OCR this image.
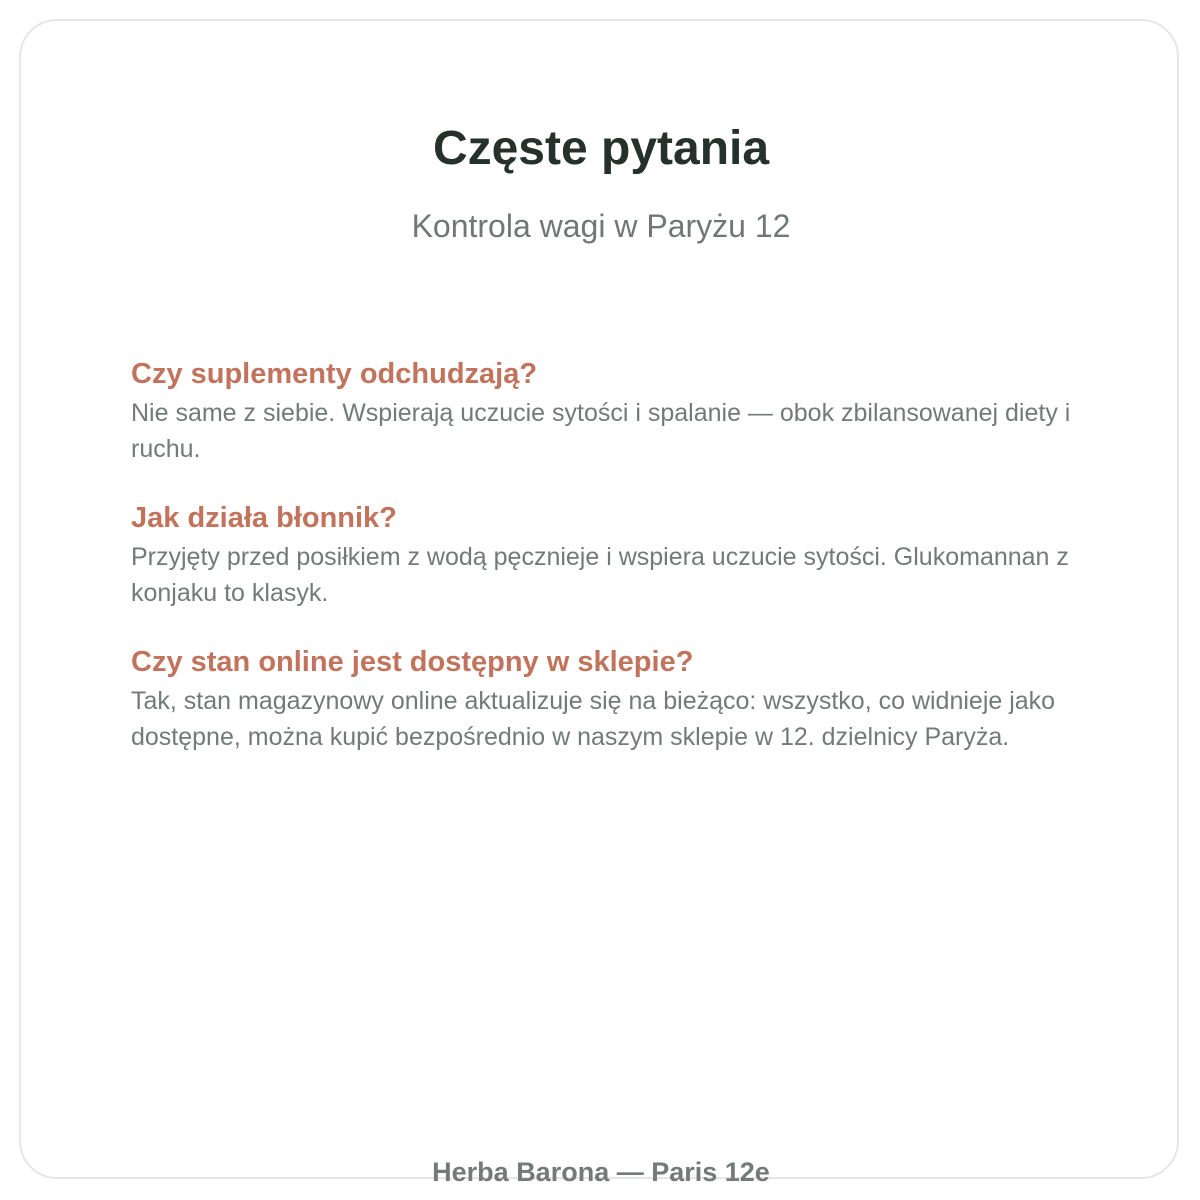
Częste pytania

Kontrola wagi w Paryżu 12

Czy suplementy odchudzają?

Nie same z siebie. Wspierają uczucie sytości i spalanie — obok zbilansowanej diety i ruchu.

Jak działa błonnik?

Przyjęty przed posiłkiem z wodą pęcznieje i wspiera uczucie sytości. Glukomannan z konjaku to klasyk.

Czy stan online jest dostępny w sklepie?

Tak, stan magazynowy online aktualizuje się na bieżąco: wszystko, co widnieje jako dostępne, można kupić bezpośrednio w naszym sklepie w 12. dzielnicy Paryża.

Herba Barona — Paris 12e
